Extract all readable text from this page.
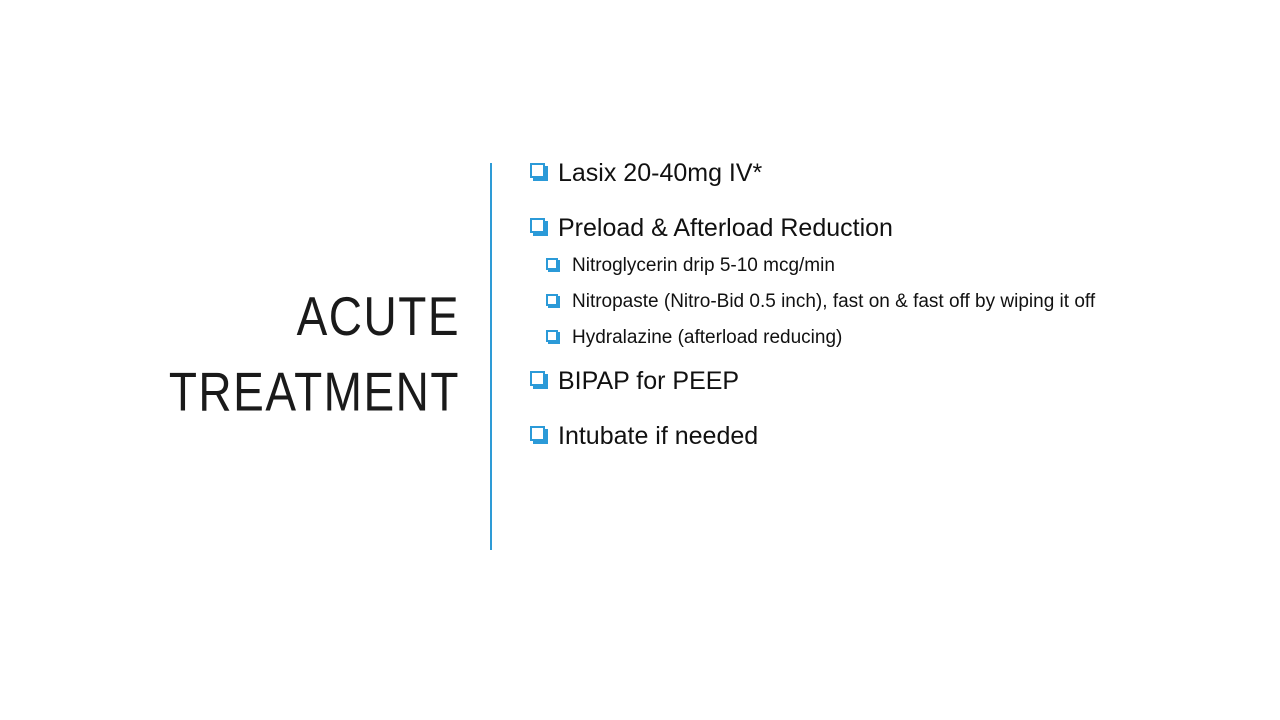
ACUTE TREATMENT
Lasix 20-40mg IV*
Preload & Afterload Reduction
Nitroglycerin drip 5-10 mcg/min
Nitropaste (Nitro-Bid 0.5 inch), fast on & fast off by wiping it off
Hydralazine (afterload reducing)
BIPAP for PEEP
Intubate if needed
